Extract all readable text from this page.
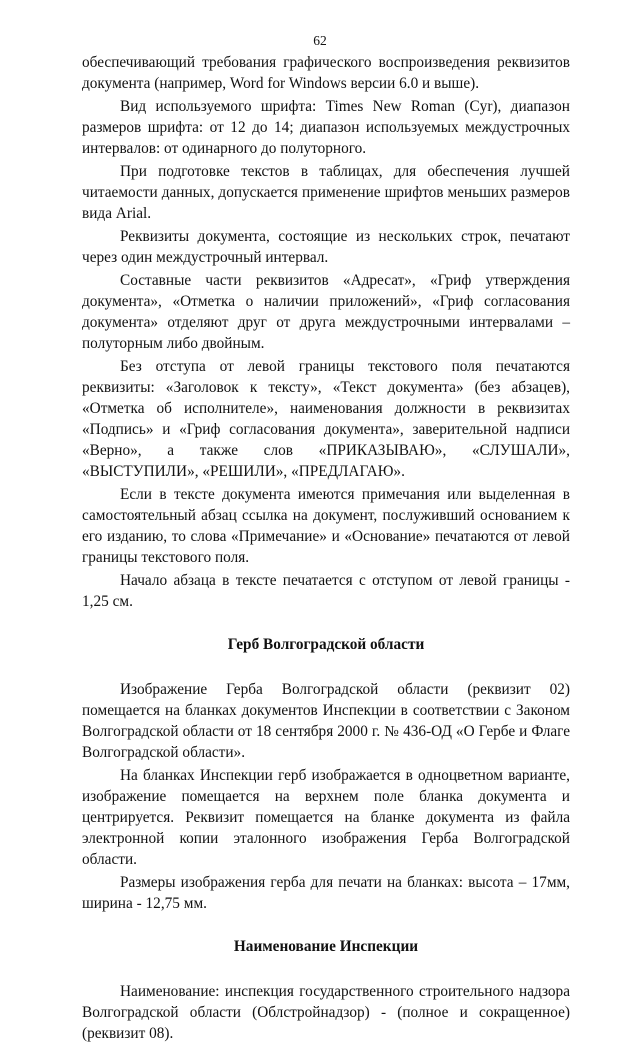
62

обеспечивающий требования графического воспроизведения реквизитов документа (например, Word for Windows версии 6.0 и выше).

Вид используемого шрифта: Times New Roman (Cyr), диапазон размеров шрифта: от 12 до 14; диапазон используемых междустрочных интервалов: от одинарного до полуторного.

При подготовке текстов в таблицах, для обеспечения лучшей читаемости данных, допускается применение шрифтов меньших размеров вида Arial.

Реквизиты документа, состоящие из нескольких строк, печатают через один междустрочный интервал.

Составные части реквизитов «Адресат», «Гриф утверждения документа», «Отметка о наличии приложений», «Гриф согласования документа» отделяют друг от друга междустрочными интервалами – полуторным либо двойным.

Без отступа от левой границы текстового поля печатаются реквизиты: «Заголовок к тексту», «Текст документа» (без абзацев), «Отметка об исполнителе», наименования должности в реквизитах «Подпись» и «Гриф согласования документа», заверительной надписи «Верно», а также слов «ПРИКАЗЫВАЮ», «СЛУШАЛИ», «ВЫСТУПИЛИ», «РЕШИЛИ», «ПРЕДЛАГАЮ».

Если в тексте документа имеются примечания или выделенная в самостоятельный абзац ссылка на документ, послуживший основанием к его изданию, то слова «Примечание» и «Основание» печатаются от левой границы текстового поля.

Начало абзаца в тексте печатается с отступом от левой границы - 1,25 см.

Герб Волгоградской области

Изображение Герба Волгоградской области (реквизит 02) помещается на бланках документов Инспекции в соответствии с Законом Волгоградской области от 18 сентября 2000 г. № 436-ОД «О Гербе и Флаге Волгоградской области».

На бланках Инспекции герб изображается в одноцветном варианте, изображение помещается на верхнем поле бланка документа и центрируется. Реквизит помещается на бланке документа из файла электронной копии эталонного изображения Герба Волгоградской области.

Размеры изображения герба для печати на бланках: высота – 17мм, ширина - 12,75 мм.

Наименование Инспекции

Наименование: инспекция государственного строительного надзора Волгоградской области (Облстройнадзор) - (полное и сокращенное) (реквизит 08).
